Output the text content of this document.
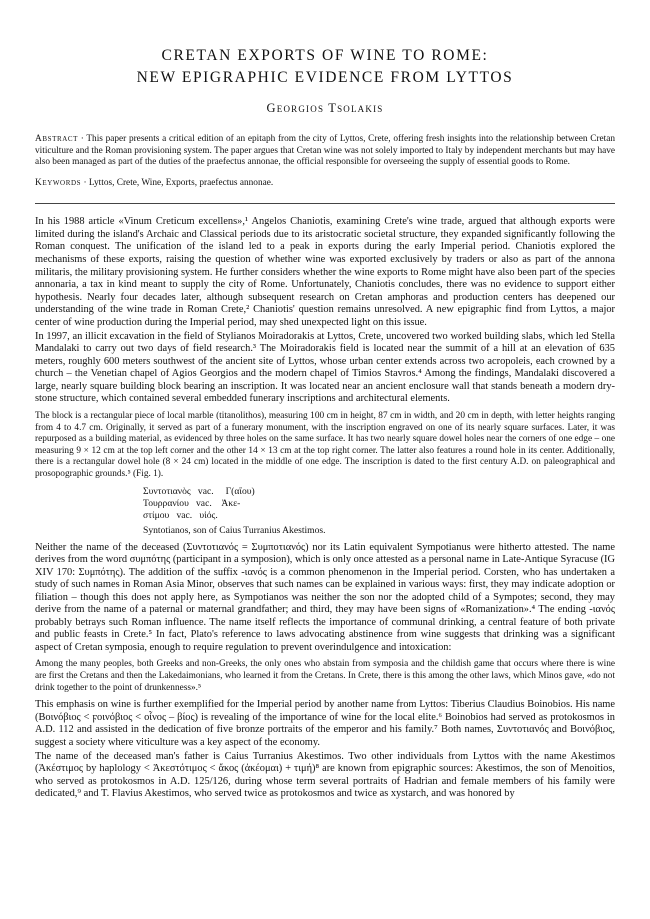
CRETAN EXPORTS OF WINE TO ROME:
NEW EPIGRAPHIC EVIDENCE FROM LYTTOS
Georgios Tsolakis
Abstract · This paper presents a critical edition of an epitaph from the city of Lyttos, Crete, offering fresh insights into the relationship between Cretan viticulture and the Roman provisioning system. The paper argues that Cretan wine was not solely imported to Italy by independent merchants but may have also been managed as part of the duties of the praefectus annonae, the official responsible for overseeing the supply of essential goods to Rome.
Keywords · Lyttos, Crete, Wine, Exports, praefectus annonae.

In his 1988 article «Vinum Creticum excellens»,¹ Angelos Chaniotis, examining Crete's wine trade, argued that although exports were limited during the island's Archaic and Classical periods due to its aristocratic societal structure, they expanded significantly following the Roman conquest. The unification of the island led to a peak in exports during the early Imperial period. Chaniotis explored the mechanisms of these exports, raising the question of whether wine was exported exclusively by traders or also as part of the annona militaris, the military provisioning system. He further considers whether the wine exports to Rome might have also been part of the species annonaria, a tax in kind meant to supply the city of Rome. Unfortunately, Chaniotis concludes, there was no evidence to support either hypothesis. Nearly four decades later, although subsequent research on Cretan amphoras and production centers has deepened our understanding of the wine trade in Roman Crete,² Chaniotis' question remains unresolved. A new epigraphic find from Lyttos, a major center of wine production during the Imperial period, may shed unexpected light on this issue.

In 1997, an illicit excavation in the field of Stylianos Moiradorakis at Lyttos, Crete, uncovered two worked building slabs, which led Stella Mandalaki to carry out two days of field research.³ The Moiradorakis field is located near the summit of a hill at an elevation of 635 meters, roughly 600 meters southwest of the ancient site of Lyttos, whose urban center extends across two acropoleis, each crowned by a church – the Venetian chapel of Agios Georgios and the modern chapel of Timios Stavros.⁴ Among the findings, Mandalaki discovered a large, nearly square building block bearing an inscription. It was located near an ancient enclosure wall that stands beneath a modern dry-stone structure, which contained several embedded funerary inscriptions and architectural elements.

The block is a rectangular piece of local marble (titanolithos), measuring 100 cm in height, 87 cm in width, and 20 cm in depth, with letter heights ranging from 4 to 4.7 cm. Originally, it served as part of a funerary monument, with the inscription engraved on one of its nearly square surfaces. Later, it was repurposed as a building material, as evidenced by three holes on the same surface. It has two nearly square dowel holes near the corners of one edge – one measuring 9 × 12 cm at the top left corner and the other 14 × 13 cm at the top right corner. The latter also features a round hole in its center. Additionally, there is a rectangular dowel hole (8 × 24 cm) located in the middle of one edge. The inscription is dated to the first century A.D. on paleographical and prosopographic grounds.⁵ (Fig. 1).

Συντοτιανὸς   vac.     Γ(αΐου)
Τουρρανίου   vac.    Ἀκε-
στίμου   vac.   υἱός.
Syntotianos, son of Caius Turranius Akestimos.

Neither the name of the deceased (Συντοτιανός = Συμποτιανός) nor its Latin equivalent Sympotianus were hitherto attested. The name derives from the word συμπότης (participant in a symposion), which is only once attested as a personal name in Late-Antique Syracuse (IG XIV 170: Συμπότης). The addition of the suffix -ιανός is a common phenomenon in the Imperial period. Corsten, who has undertaken a study of such names in Roman Asia Minor, observes that such names can be explained in various ways: first, they may indicate adoption or filiation – though this does not apply here, as Sympotianos was neither the son nor the adopted child of a Sympotes; second, they may derive from the name of a paternal or maternal grandfather; and third, they may have been signs of «Romanization».⁴ The ending -ιανός probably betrays such Roman influence. The name itself reflects the importance of communal drinking, a central feature of both private and public feasts in Crete.⁵ In fact, Plato's reference to laws advocating abstinence from wine suggests that drinking was a significant aspect of Cretan symposia, enough to require regulation to prevent overindulgence and intoxication:

Among the many peoples, both Greeks and non-Greeks, the only ones who abstain from symposia and the childish game that occurs where there is wine are first the Cretans and then the Lakedaimonians, who learned it from the Cretans. In Crete, there is this among the other laws, which Minos gave, «do not drink together to the point of drunkenness».⁵

This emphasis on wine is further exemplified for the Imperial period by another name from Lyttos: Tiberius Claudius Boinobios. His name (Βοινόβιος < ϝοινόβιος < οἶνος – βίος) is revealing of the importance of wine for the local elite.⁶ Boinobios had served as protokosmos in A.D. 112 and assisted in the dedication of five bronze portraits of the emperor and his family.⁷ Both names, Συντοτιανός and Βοινόβιος, suggest a society where viticulture was a key aspect of the economy.

The name of the deceased man's father is Caius Turranius Akestimos. Two other individuals from Lyttos with the name Akestimos (Ἀκέστιμος by haplology < Ἀκεστότιμος < ἄκος (ἀκέομαι) + τιμή)⁸ are known from epigraphic sources: Akestimos, the son of Menoitios, who served as protokosmos in A.D. 125/126, during whose term several portraits of Hadrian and female members of his family were dedicated,⁹ and T. Flavius Akestimos, who served twice as protokosmos and twice as xystarch, and was honored by
